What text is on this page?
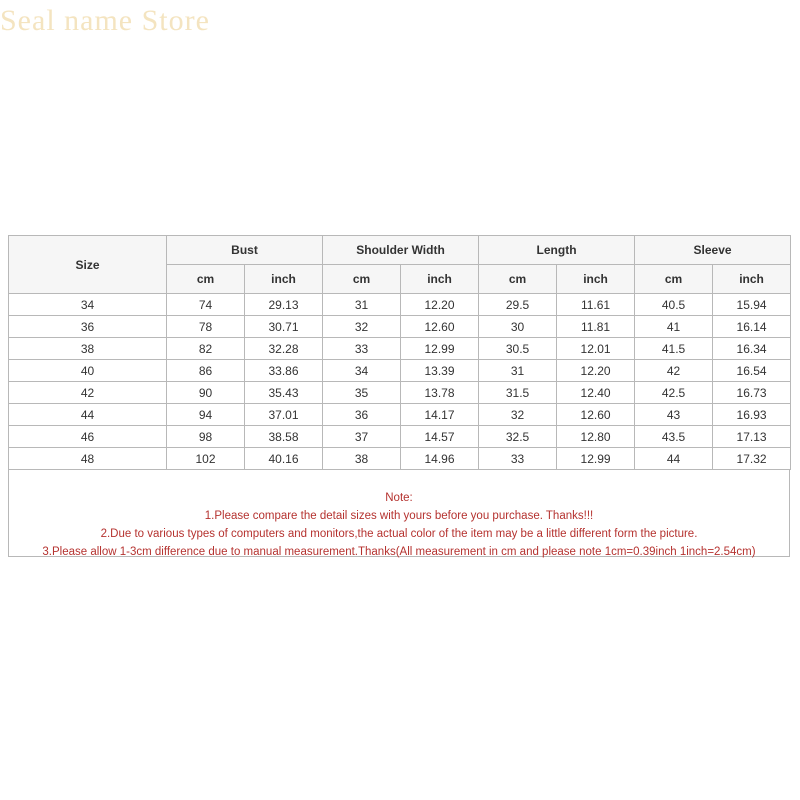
Seal name Store
Size	Bust		Shoulder Width		Length		Sleeve	
	cm	inch	cm	inch	cm	inch	cm	inch
34	74	29.13	31	12.20	29.5	11.61	40.5	15.94
36	78	30.71	32	12.60	30	11.81	41	16.14
38	82	32.28	33	12.99	30.5	12.01	41.5	16.34
40	86	33.86	34	13.39	31	12.20	42	16.54
42	90	35.43	35	13.78	31.5	12.40	42.5	16.73
44	94	37.01	36	14.17	32	12.60	43	16.93
46	98	38.58	37	14.57	32.5	12.80	43.5	17.13
48	102	40.16	38	14.96	33	12.99	44	17.32
Note:
1.Please compare the detail sizes with yours before you purchase. Thanks!!!
2.Due to various types of computers and monitors,the actual color of the item may be a little different form the picture.
3.Please allow 1-3cm difference due to manual measurement.Thanks(All measurement in cm and please note 1cm=0.39inch 1inch=2.54cm)
